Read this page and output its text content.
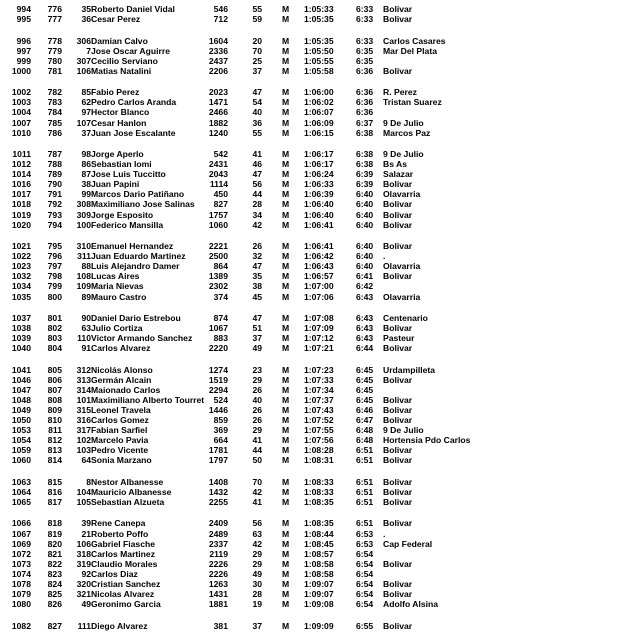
994 776 35 Roberto Daniel Vidal	546	55 M 1:05:33	6:33 Bolivar
995 777 36 Cesar Perez	712	59 M 1:05:35	6:33 Bolivar
996 778 306 Damian Calvo	1604	20 M 1:05:35	6:33 Carlos Casares
997 779	7 Jose Oscar Aguirre	2336	70 M 1:05:50	6:35 Mar Del Plata
999 780 307 Cecilio Serviano	2437	25 M 1:05:55	6:35
1000 781 106 Matias Natalini	2206	37 M 1:05:58	6:36 Bolivar
1002 782 85 Fabio Perez	2023	47 M 1:06:00	6:36 R. Perez
1003 783 62 Pedro Carlos Aranda	1471	54 M 1:06:02	6:36 Tristan Suarez
1004 784 97 Hector Blanco	2466	40 M 1:06:07	6:36
1007 785 107 Cesar Hanlon	1882	36 M 1:06:09	6:37 9 De Julio
1010 786 37 Juan Jose Escalante	1240	55 M 1:06:15	6:38 Marcos Paz
1011 787 98 Jorge Aperlo	542	41 M 1:06:17	6:38 9 De Julio
1012 788 86 Sebastian Iomi	2431	46 M 1:06:17	6:38 Bs As
1014 789 87 Jose Luis Tuccitto	2043	47 M 1:06:24	6:39 Salazar
1016 790 38 Juan Papini	1114	56 M 1:06:33	6:39 Bolivar
1017 791 99 Marcos Dario Patiñano	450	44 M 1:06:39	6:40 Olavarria
1018 792 308 Maximiliano Jose Salinas 827	28 M 1:06:40	6:40 Bolivar
1019 793 309 Jorge Esposito	1757	34 M 1:06:40	6:40 Bolivar
1020 794 100 Federico Mansilla	1060	42 M 1:06:41	6:40 Bolivar
1021 795 310 Emanuel Hernandez	2221	26 M 1:06:41	6:40 Bolivar
1022 796 311 Juan Eduardo Martinez	2500	32 M 1:06:42	6:40 .
1023 797 88 Luis Alejandro Damer	864	47 M 1:06:43	6:40 Olavarria
1032 798 108 Lucas Aires	1389	35 M 1:06:57	6:41 Bolivar
1034 799 109 Maria Nievas	2302	38 M 1:07:00	6:42
1035 800 89 Mauro Castro	374	45 M 1:07:06	6:43 Olavarria
1037 801 90 Daniel Dario Estrebou	874	47 M 1:07:08	6:43 Centenario
1038 802 63 Julio Cortiza	1067	51 M 1:07:09	6:43 Bolivar
1039 803 110 Victor Armando Sanchez 883	37 M 1:07:12	6:43 Pasteur
1040 804 91 Carlos Alvarez	2220	49 M 1:07:21	6:44 Bolivar
1041 805 312 Nicolás Alonso	1274	23 M 1:07:23	6:45 Urdampilleta
1046 806 313 Germán Alcain	1519	29 M 1:07:33	6:45 Bolivar
1047 807 314 Maionado Carlos	2294	26 M 1:07:34	6:45
1048 808 101 Maximiliano Alberto Tourret 524	40 M 1:07:37	6:45 Bolivar
1049 809 315 Leonel Travela	1446	26 M 1:07:43	6:46 Bolivar
1050 810 316 Carlos Gomez	859	26 M 1:07:52	6:47 Bolivar
1053 811 317 Fabian Sarfiel	369	29 M 1:07:55	6:48 9 De Julio
1054 812 102 Marcelo Pavia	664	41 M 1:07:56	6:48 Hortensia Pdo Carlos
1059 813 103 Pedro Vicente	1781	44 M 1:08:28	6:51 Bolivar
1060 814 64 Sonia Marzano	1797	50 M 1:08:31	6:51 Bolivar
1063 815	8 Nestor Albanesse	1408	70 M 1:08:33	6:51 Bolivar
1064 816 104 Mauricio Albanesse	1432	42 M 1:08:33	6:51 Bolivar
1065 817 105 Sebastian Alzueta	2255	41 M 1:08:35	6:51 Bolivar
1066 818 39 Rene Canepa	2409	56 M 1:08:35	6:51 Bolivar
1067 819 21 Roberto Poffo	2489	63 M 1:08:44	6:53 .
1069 820 106 Gabriel Fiasche	2337	42 M 1:08:45	6:53 Cap Federal
1072 821 318 Carlos Martinez	2119	29 M 1:08:57	6:54
1073 822 319 Claudio Morales	2226	29 M 1:08:58	6:54 Bolivar
1074 823 92 Carlos Diaz	2226	49 M 1:08:58	6:54
1078 824 320 Cristian Sanchez	1263	30 M 1:09:07	6:54 Bolivar
1079 825 321 Nicolas Alvarez	1431	28 M 1:09:07	6:54 Bolivar
1080 826 49 Geronimo Garcia	1881	19 M 1:09:08	6:54 Adolfo Alsina
1082 827 111 Diego Alvarez	381	37 M 1:09:09	6:55 Bolivar
